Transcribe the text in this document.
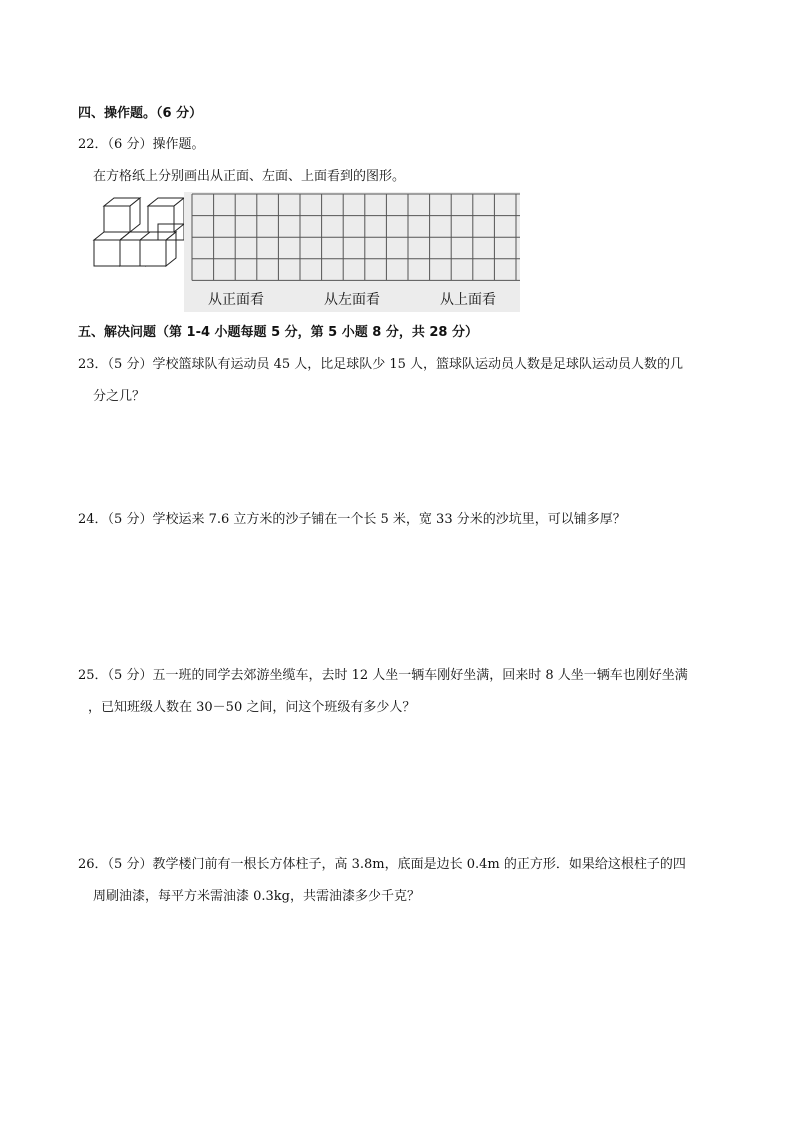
四、操作题。（6 分）
22．（6 分）操作题。
在方格纸上分别画出从正面、左面、上面看到的图形。
从正面看	从左面看	从上面看
五、解决问题（第 1-4 小题每题 5 分，第 5 小题 8 分，共 28 分）
23．（5 分）学校篮球队有运动员 45 人，比足球队少 15 人，篮球队运动员人数是足球队运动员人数的几
分之几？
24．（5 分）学校运来 7.6 立方米的沙子铺在一个长 5 米，宽 33 分米的沙坑里，可以铺多厚？
25．（5 分）五一班的同学去郊游坐缆车，去时 12 人坐一辆车刚好坐满，回来时 8 人坐一辆车也刚好坐满
，已知班级人数在 30－50 之间，问这个班级有多少人？
26．（5 分）教学楼门前有一根长方体柱子，高 3.8m，底面是边长 0.4m 的正方形．如果给这根柱子的四
周刷油漆，每平方米需油漆 0.3kg，共需油漆多少千克？
